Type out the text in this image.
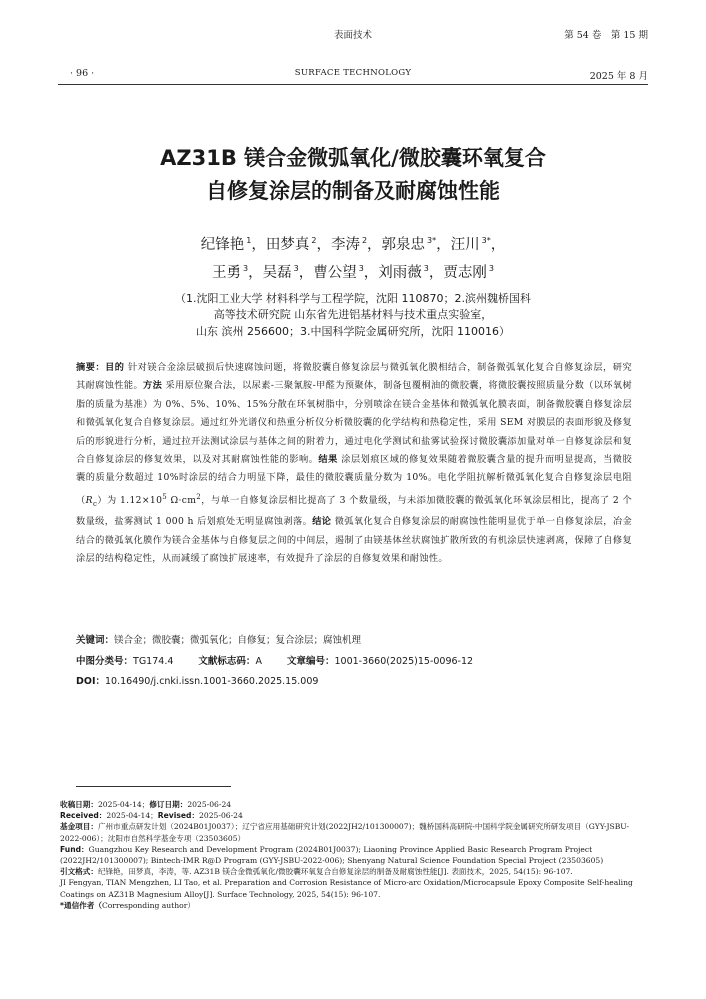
表面技术
SURFACE TECHNOLOGY
· 96 ·
第 54 卷　第 15 期
2025 年 8 月
AZ31B 镁合金微弧氧化/微胶囊环氧复合
自修复涂层的制备及耐腐蚀性能
纪锋艳 $^1$，田梦真 $^2$，李涛 $^2$，郭泉忠 $^{3*}$，汪川 $^{3*}$，
王勇 $^3$，吴磊 $^3$，曹公望 $^3$，刘雨薇 $^3$，贾志刚 $^3$
（1.沈阳工业大学 材料科学与工程学院，沈阳 110870；2.滨州魏桥国科
高等技术研究院 山东省先进铝基材料与技术重点实验室，
山东 滨州 256600；3.中国科学院金属研究所，沈阳 110016）
摘要：目的 针对镁合金涂层破损后快速腐蚀问题，将微胶囊自修复涂层与微弧氧化膜相结合，制备微弧氧化复合自修复涂层，研究其耐腐蚀性能。方法 采用原位聚合法，以尿素-三聚氰胺-甲醛为预聚体，制备包覆桐油的微胶囊，将微胶囊按照质量分数（以环氧树脂的质量为基准）为 0%、5%、10%、15%分散在环氧树脂中，分别喷涂在镁合金基体和微弧氧化膜表面，制备微胶囊自修复涂层和微弧氧化复合自修复涂层。通过红外光谱仪和热重分析仪分析微胶囊的化学结构和热稳定性，采用 SEM 对膜层的表面形貌及修复后的形貌进行分析，通过拉开法测试涂层与基体之间的附着力，通过电化学测试和盐雾试验探讨微胶囊添加量对单一自修复涂层和复合自修复涂层的修复效果，以及对其耐腐蚀性能的影响。结果 涂层划痕区域的修复效果随着微胶囊含量的提升而明显提高，当微胶囊的质量分数超过 10%时涂层的结合力明显下降，最佳的微胶囊质量分数为 10%。电化学阻抗解析微弧氧化复合自修复涂层电阻$(R_c)$为 $1.12\times 10^5$ $\Omega\cdot cm^2$，与单一自修复涂层相比提高了 3 个数量级，与未添加微胶囊的微弧氧化环氧涂层相比，提高了 2 个数量级，盐雾测试 1 000 h 后划痕处无明显腐蚀剥落。结论 微弧氧化复合自修复涂层的耐腐蚀性能明显优于单一自修复涂层，冶金结合的微弧氧化膜作为镁合金基体与自修复层之间的中间层，遏制了由镁基体丝状腐蚀扩散所致的有机涂层快速剥离，保障了自修复涂层的结构稳定性，从而减缓了腐蚀扩展速率，有效提升了涂层的自修复效果和耐蚀性。
关键词：镁合金；微胶囊；微弧氧化；自修复；复合涂层；腐蚀机理
中图分类号：TG174.4	文献标志码：A	文章编号：1001-3660(2025)15-0096-12
DOI：10.16490/j.cnki.issn.1001-3660.2025.15.009
收稿日期：2025-04-14；修订日期：2025-06-24
Received：2025-04-14；Revised：2025-06-24
基金项目：广州市重点研发计划（2024B01J0037）；辽宁省应用基础研究计划(2022JH2/101300007)；魏桥国科高研院-中国科学院金属研究所研发项目（GYY-JSBU-2022-006）；沈阳市自然科学基金专项（23503605）
Fund：Guangzhou Key Research and Development Program (2024B01J0037); Liaoning Province Applied Basic Research Program Project (2022JH2/101300007); Bintech-IMR R@D Program (GYY-JSBU-2022-006); Shenyang Natural Science Foundation Special Project (23503605)
引文格式：纪锋艳，田梦真，李涛，等. AZ31B 镁合金微弧氧化/微胶囊环氧复合自修复涂层的制备及耐腐蚀性能[J]. 表面技术，2025, 54(15): 96-107.
JI Fengyan, TIAN Mengzhen, LI Tao, et al. Preparation and Corrosion Resistance of Micro-arc Oxidation/Microcapsule Epoxy Composite Self-healing Coatings on AZ31B Magnesium Alloy[J]. Surface Technology, 2025, 54(15): 96-107.
*通信作者（Corresponding author）
